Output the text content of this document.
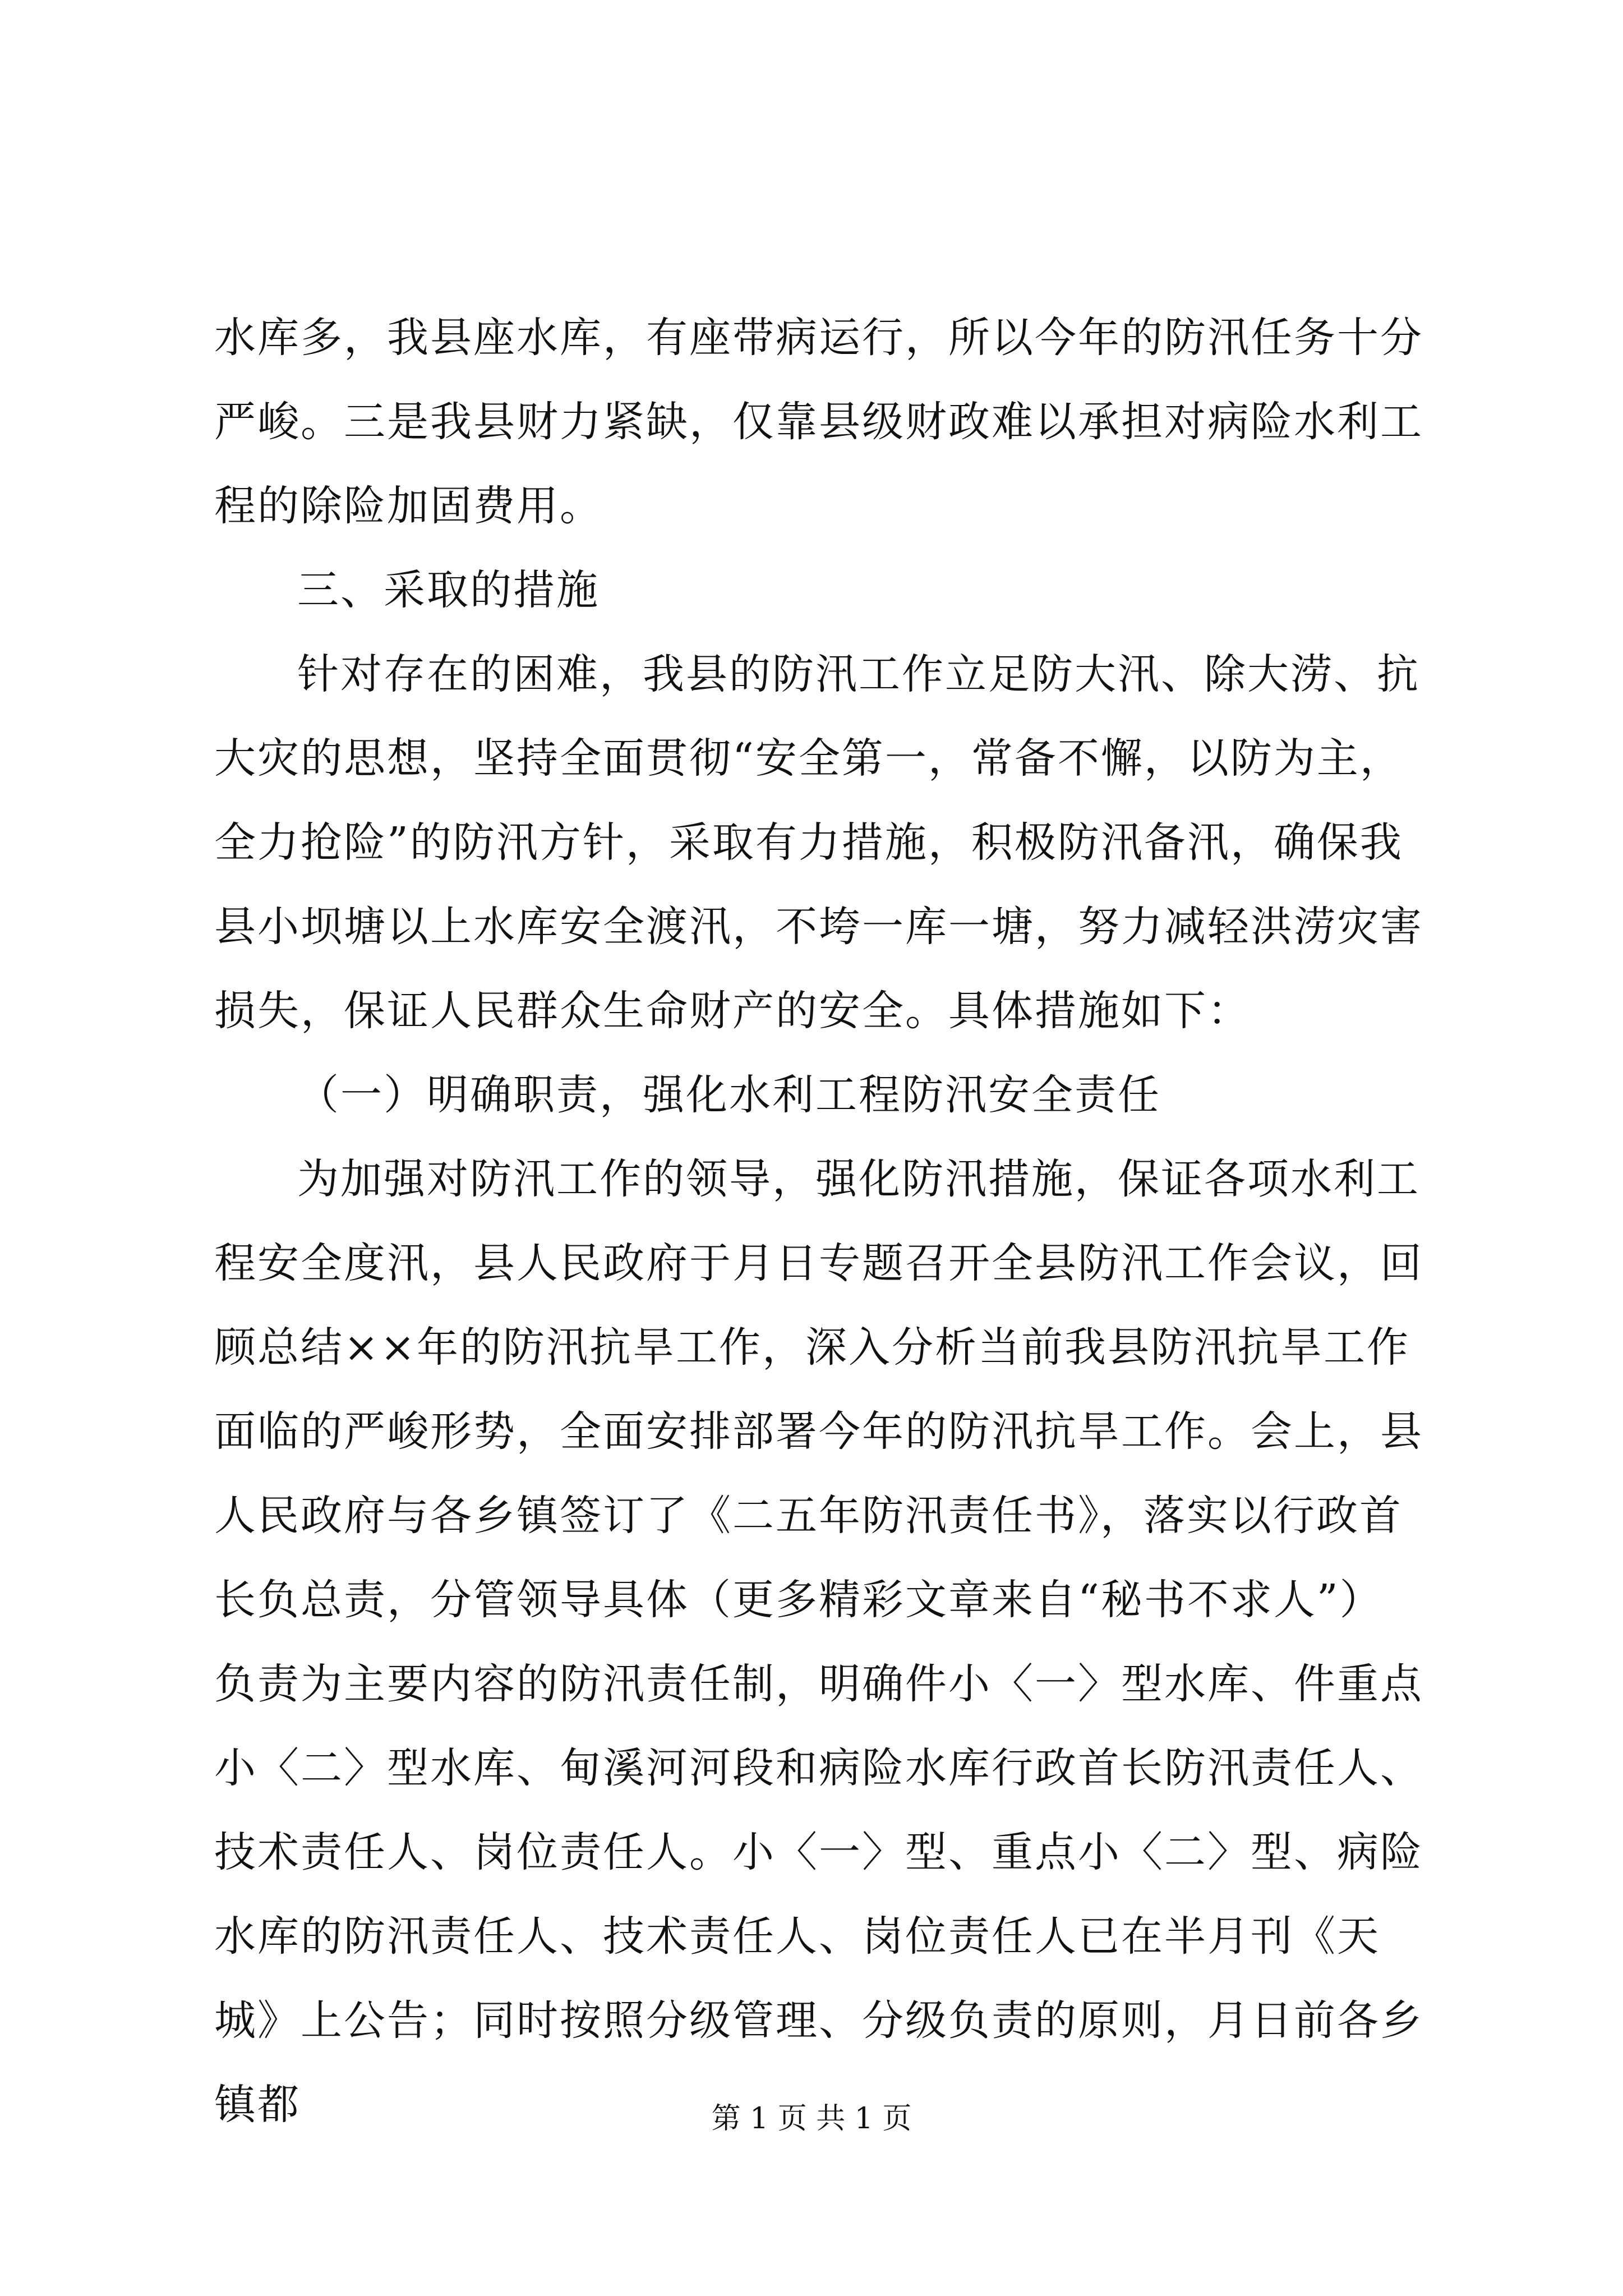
水库多，我县座水库，有座带病运行，所以今年的防汛任务十分严峻。三是我县财力紧缺，仅靠县级财政难以承担对病险水利工程的除险加固费用。

三、采取的措施

针对存在的困难，我县的防汛工作立足防大汛、除大涝、抗大灾的思想，坚持全面贯彻“安全第一，常备不懈，以防为主，全力抢险”的防汛方针，采取有力措施，积极防汛备汛，确保我县小坝塘以上水库安全渡汛，不垮一库一塘，努力减轻洪涝灾害损失，保证人民群众生命财产的安全。具体措施如下：

（一）明确职责，强化水利工程防汛安全责任

为加强对防汛工作的领导，强化防汛措施，保证各项水利工程安全度汛，县人民政府于月日专题召开全县防汛工作会议，回顾总结××年的防汛抗旱工作，深入分析当前我县防汛抗旱工作面临的严峻形势，全面安排部署今年的防汛抗旱工作。会上，县人民政府与各乡镇签订了《二五年防汛责任书》，落实以行政首长负总责，分管领导具体（更多精彩文章来自“秘书不求人”）负责为主要内容的防汛责任制，明确件小〈一〉型水库、件重点小〈二〉型水库、甸溪河河段和病险水库行政首长防汛责任人、技术责任人、岗位责任人。小〈一〉型、重点小〈二〉型、病险水库的防汛责任人、技术责任人、岗位责任人已在半月刊《天城》上公告；同时按照分级管理、分级负责的原则，月日前各乡镇都	第 1 页 共 1 页
